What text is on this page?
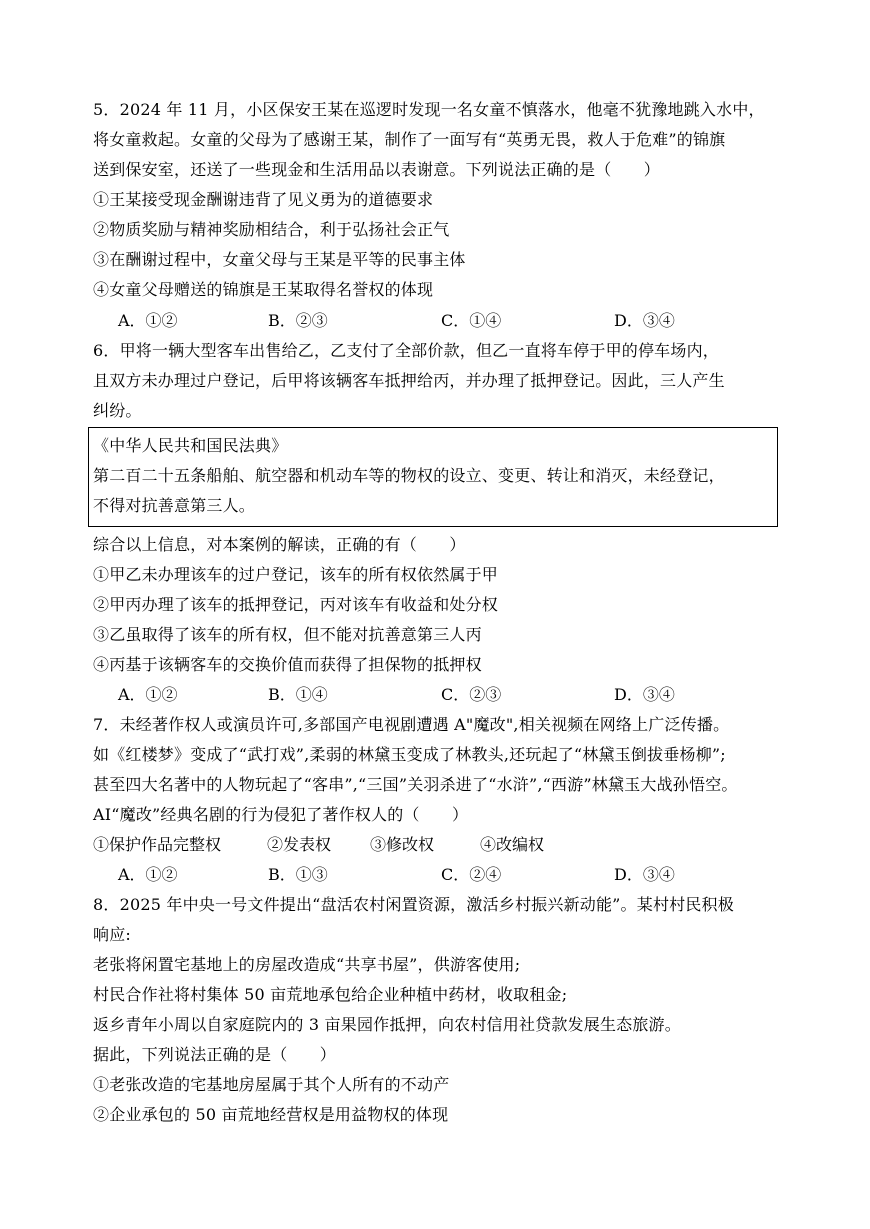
5．2024 年 11 月，小区保安王某在巡逻时发现一名女童不慎落水，他毫不犹豫地跳入水中，
将女童救起。女童的父母为了感谢王某，制作了一面写有“英勇无畏，救人于危难”的锦旗
送到保安室，还送了一些现金和生活用品以表谢意。下列说法正确的是（　　）
①王某接受现金酬谢违背了见义勇为的道德要求
②物质奖励与精神奖励相结合，利于弘扬社会正气
③在酬谢过程中，女童父母与王某是平等的民事主体
④女童父母赠送的锦旗是王某取得名誉权的体现
A．①②	B．②③	C．①④	D．③④
6．甲将一辆大型客车出售给乙，乙支付了全部价款，但乙一直将车停于甲的停车场内，
且双方未办理过户登记，后甲将该辆客车抵押给丙，并办理了抵押登记。因此，三人产生
纠纷。
《中华人民共和国民法典》
第二百二十五条船舶、航空器和机动车等的物权的设立、变更、转让和消灭，未经登记，
不得对抗善意第三人。
综合以上信息，对本案例的解读，正确的有（　　）
①甲乙未办理该车的过户登记，该车的所有权依然属于甲
②甲丙办理了该车的抵押登记，丙对该车有收益和处分权
③乙虽取得了该车的所有权，但不能对抗善意第三人丙
④丙基于该辆客车的交换价值而获得了担保物的抵押权
A．①②	B．①④	C．②③	D．③④
7．未经著作权人或演员许可,多部国产电视剧遭遇 A"魔改",相关视频在网络上广泛传播。
如《红楼梦》变成了“武打戏”,柔弱的林黛玉变成了林教头,还玩起了“林黛玉倒拔垂杨柳”;
甚至四大名著中的人物玩起了“客串”,“三国”关羽杀进了“水浒”,“西游”林黛玉大战孙悟空。
AI“魔改”经典名剧的行为侵犯了著作权人的（　　）
①保护作品完整权	②发表权 ③修改权	④改编权
A．①②	B．①③	C．②④	D．③④
8．2025 年中央一号文件提出“盘活农村闲置资源，激活乡村振兴新动能”。某村村民积极
响应:
老张将闲置宅基地上的房屋改造成“共享书屋”，供游客使用;
村民合作社将村集体 50 亩荒地承包给企业种植中药材，收取租金;
返乡青年小周以自家庭院内的 3 亩果园作抵押，向农村信用社贷款发展生态旅游。
据此，下列说法正确的是（　　）
①老张改造的宅基地房屋属于其个人所有的不动产
②企业承包的 50 亩荒地经营权是用益物权的体现
